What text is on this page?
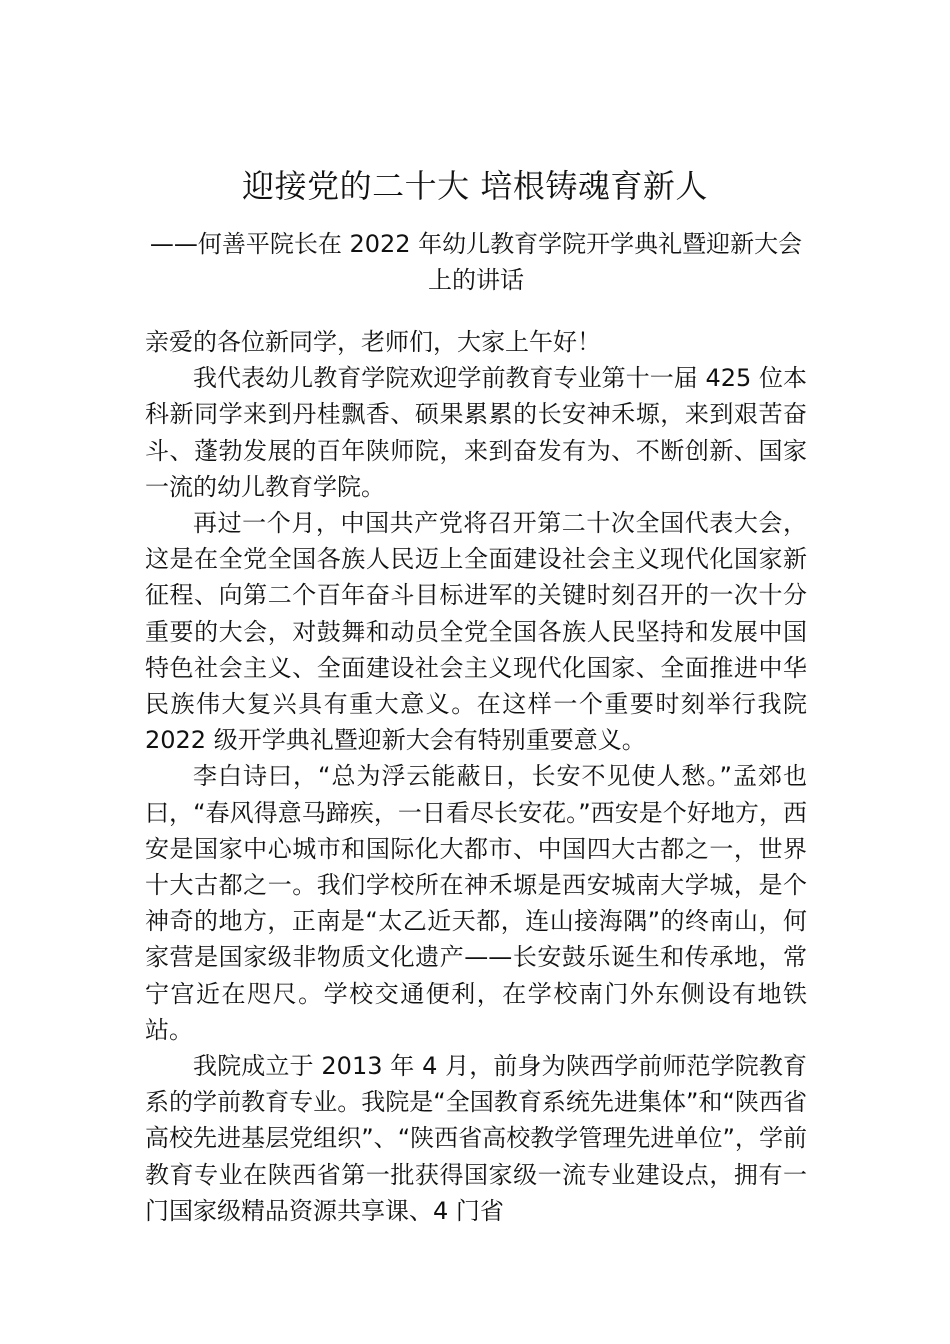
迎接党的二十大 培根铸魂育新人
——何善平院长在 2022 年幼儿教育学院开学典礼暨迎新大会上的讲话

亲爱的各位新同学，老师们，大家上午好！

我代表幼儿教育学院欢迎学前教育专业第十一届 425 位本科新同学来到丹桂飘香、硕果累累的长安神禾塬，来到艰苦奋斗、蓬勃发展的百年陕师院，来到奋发有为、不断创新、国家一流的幼儿教育学院。

再过一个月，中国共产党将召开第二十次全国代表大会，这是在全党全国各族人民迈上全面建设社会主义现代化国家新征程、向第二个百年奋斗目标进军的关键时刻召开的一次十分重要的大会，对鼓舞和动员全党全国各族人民坚持和发展中国特色社会主义、全面建设社会主义现代化国家、全面推进中华民族伟大复兴具有重大意义。在这样一个重要时刻举行我院 2022 级开学典礼暨迎新大会有特别重要意义。

李白诗曰，“总为浮云能蔽日，长安不见使人愁。”孟郊也曰，“春风得意马蹄疾，一日看尽长安花。”西安是个好地方，西安是国家中心城市和国际化大都市、中国四大古都之一，世界十大古都之一。我们学校所在神禾塬是西安城南大学城，是个神奇的地方，正南是“太乙近天都，连山接海隅”的终南山，何家营是国家级非物质文化遗产——长安鼓乐诞生和传承地，常宁宫近在咫尺。学校交通便利，在学校南门外东侧设有地铁站。

我院成立于 2013 年 4 月，前身为陕西学前师范学院教育系的学前教育专业。我院是“全国教育系统先进集体”和“陕西省高校先进基层党组织”、“陕西省高校教学管理先进单位”，学前教育专业在陕西省第一批获得国家级一流专业建设点，拥有一门国家级精品资源共享课、4 门省
